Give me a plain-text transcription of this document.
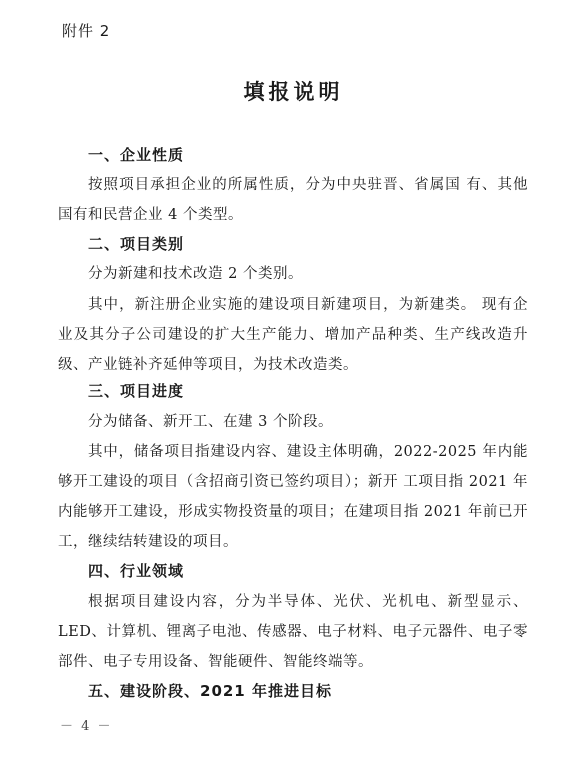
附件 2
填报说明
一、企业性质
按照项目承担企业的所属性质，分为中央驻晋、省属国 有、其他国有和民营企业 4 个类型。
二、项目类别
分为新建和技术改造 2 个类别。
其中，新注册企业实施的建设项目新建项目，为新建类。 现有企业及其分子公司建设的扩大生产能力、增加产品种类、生产线改造升级、产业链补齐延伸等项目，为技术改造类。
三、项目进度
分为储备、新开工、在建 3 个阶段。
其中，储备项目指建设内容、建设主体明确，2022-2025 年内能够开工建设的项目（含招商引资已签约项目）；新开 工项目指 2021 年内能够开工建设，形成实物投资量的项目；在建项目指 2021 年前已开工，继续结转建设的项目。
四、行业领域
根据项目建设内容，分为半导体、光伏、光机电、新型显示、LED、计算机、锂离子电池、传感器、电子材料、电子元器件、电子零部件、电子专用设备、智能硬件、智能终端等。
五、建设阶段、2021 年推进目标
－ 4 －
